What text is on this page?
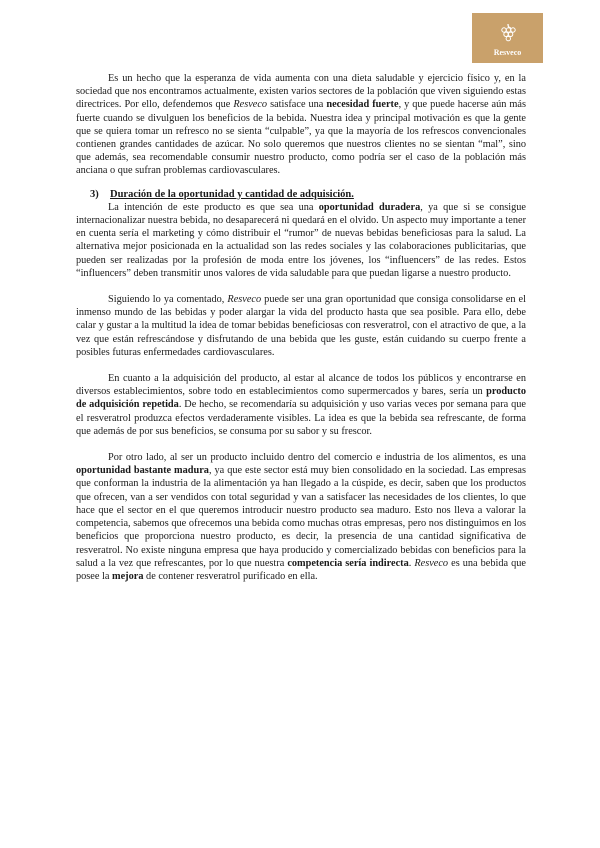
Resveco

Es un hecho que la esperanza de vida aumenta con una dieta saludable y ejercicio físico y, en la sociedad que nos encontramos actualmente, existen varios sectores de la población que viven siguiendo estas directrices. Por ello, defendemos que Resveco satisface una necesidad fuerte, y que puede hacerse aún más fuerte cuando se divulguen los beneficios de la bebida. Nuestra idea y principal motivación es que la gente que se quiera tomar un refresco no se sienta “culpable”, ya que la mayoría de los refrescos convencionales contienen grandes cantidades de azúcar. No solo queremos que nuestros clientes no se sientan “mal”, sino que además, sea recomendable consumir nuestro producto, como podría ser el caso de la población más anciana o que sufran problemas cardiovasculares.

3) Duración de la oportunidad y cantidad de adquisición.

La intención de este producto es que sea una oportunidad duradera, ya que si se consigue internacionalizar nuestra bebida, no desaparecerá ni quedará en el olvido. Un aspecto muy importante a tener en cuenta sería el marketing y cómo distribuir el “rumor” de nuevas bebidas beneficiosas para la salud. La alternativa mejor posicionada en la actualidad son las redes sociales y las colaboraciones publicitarias, que pueden ser realizadas por la profesión de moda entre los jóvenes, los “influencers” de las redes. Estos “influencers” deben transmitir unos valores de vida saludable para que puedan ligarse a nuestro producto.

Siguiendo lo ya comentado, Resveco puede ser una gran oportunidad que consiga consolidarse en el inmenso mundo de las bebidas y poder alargar la vida del producto hasta que sea posible. Para ello, debe calar y gustar a la multitud la idea de tomar bebidas beneficiosas con resveratrol, con el atractivo de que, a la vez que están refrescándose y disfrutando de una bebida que les guste, están cuidando su cuerpo frente a posibles futuras enfermedades cardiovasculares.

En cuanto a la adquisición del producto, al estar al alcance de todos los públicos y encontrarse en diversos establecimientos, sobre todo en establecimientos como supermercados y bares, sería un producto de adquisición repetida. De hecho, se recomendaría su adquisición y uso varias veces por semana para que el resveratrol produzca efectos verdaderamente visibles. La idea es que la bebida sea refrescante, de forma que además de por sus beneficios, se consuma por su sabor y su frescor.

Por otro lado, al ser un producto incluido dentro del comercio e industria de los alimentos, es una oportunidad bastante madura, ya que este sector está muy bien consolidado en la sociedad. Las empresas que conforman la industria de la alimentación ya han llegado a la cúspide, es decir, saben que los productos que ofrecen, van a ser vendidos con total seguridad y van a satisfacer las necesidades de los clientes, lo que hace que el sector en el que queremos introducir nuestro producto sea maduro. Esto nos lleva a valorar la competencia, sabemos que ofrecemos una bebida como muchas otras empresas, pero nos distinguimos en los beneficios que proporciona nuestro producto, es decir, la presencia de una cantidad significativa de resveratrol. No existe ninguna empresa que haya producido y comercializado bebidas con beneficios para la salud a la vez que refrescantes, por lo que nuestra competencia sería indirecta. Resveco es una bebida que posee la mejora de contener resveratrol purificado en ella.
